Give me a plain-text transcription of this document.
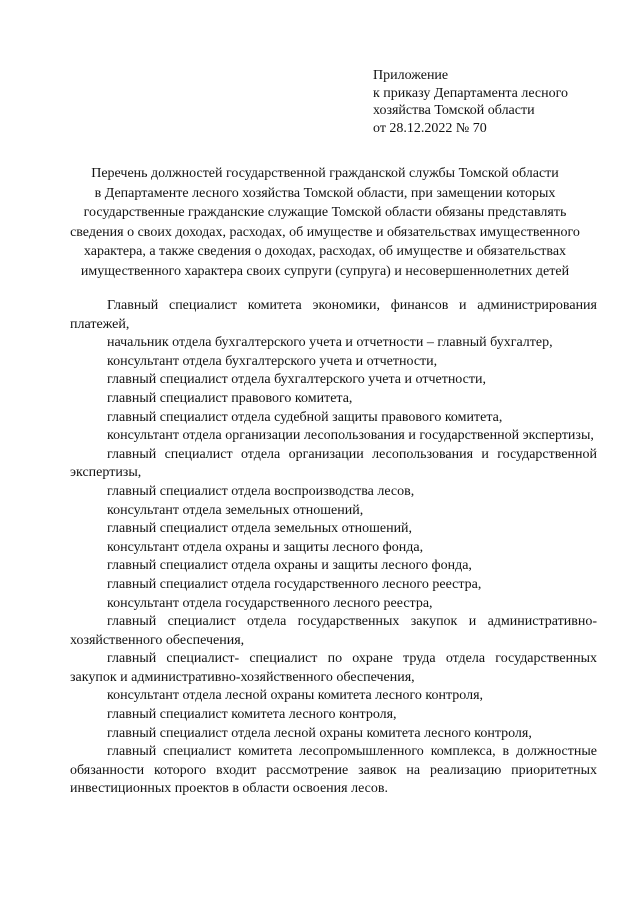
Приложение
к приказу Департамента лесного
хозяйства Томской области
от 28.12.2022 № 70
Перечень должностей государственной гражданской службы Томской области
в Департаменте лесного хозяйства Томской области, при замещении которых
государственные гражданские служащие Томской области обязаны представлять
сведения о своих доходах, расходах, об имуществе и обязательствах имущественного
характера, а также сведения о доходах, расходах, об имуществе и обязательствах
имущественного характера своих супруги (супруга) и несовершеннолетних детей

Главный специалист комитета экономики, финансов и администрирования платежей,

начальник отдела бухгалтерского учета и отчетности – главный бухгалтер,

консультант отдела бухгалтерского учета и отчетности,

главный специалист отдела бухгалтерского учета и отчетности,

главный специалист правового комитета,

главный специалист отдела судебной защиты правового комитета,

консультант отдела организации лесопользования и государственной экспертизы,

главный специалист отдела организации лесопользования и государственной экспертизы,

главный специалист отдела воспроизводства лесов,

консультант отдела земельных отношений,

главный специалист отдела земельных отношений,

консультант отдела охраны и защиты лесного фонда,

главный специалист отдела охраны и защиты лесного фонда,

главный специалист отдела государственного лесного реестра,

консультант отдела государственного лесного реестра,

главный специалист отдела государственных закупок и административно-хозяйственного обеспечения,

главный специалист- специалист по охране труда отдела государственных закупок и административно-хозяйственного обеспечения,

консультант отдела лесной охраны комитета лесного контроля,

главный специалист комитета лесного контроля,

главный специалист отдела лесной охраны комитета лесного контроля,

главный специалист комитета лесопромышленного комплекса, в должностные обязанности которого входит рассмотрение заявок на реализацию приоритетных инвестиционных проектов в области освоения лесов.
